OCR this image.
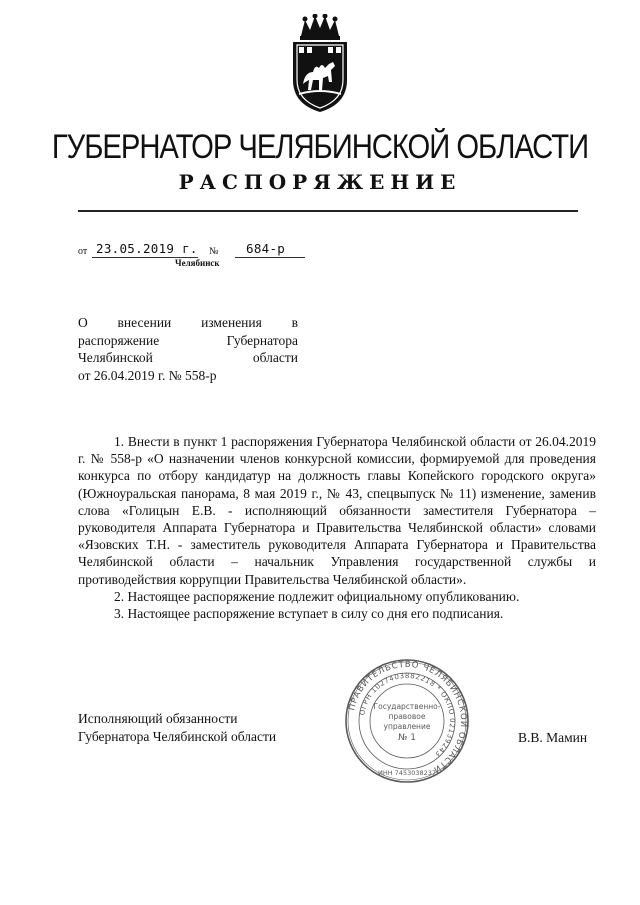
ГУБЕРНАТОР ЧЕЛЯБИНСКОЙ ОБЛАСТИ
РАСПОРЯЖЕНИЕ
от 23.05.2019 г. № 684-р
Челябинск
О внесении изменения в
распоряжение	Губернатора
Челябинской	области
от 26.04.2019 г. № 558-р

1. Внести в пункт 1 распоряжения Губернатора Челябинской области от 26.04.2019 г. № 558-р «О назначении членов конкурсной комиссии, формируемой для проведения конкурса по отбору кандидатур на должность главы Копейского городского округа» (Южноуральская панорама, 8 мая 2019 г., № 43, спецвыпуск № 11) изменение, заменив слова «Голицын Е.В. - исполняющий обязанности заместителя Губернатора – руководителя Аппарата Губернатора и Правительства Челябинской области» словами «Язовских Т.Н. - заместитель руководителя Аппарата Губернатора и Правительства Челябинской области – начальник Управления государственной службы и противодействия коррупции Правительства Челябинской области».

2. Настоящее распоряжение подлежит официальному опубликованию.

3. Настоящее распоряжение вступает в силу со дня его подписания.

Исполняющий обязанности
Губернатора Челябинской области	В.В. Мамин
ПРАВИТЕЛЬСТВО ЧЕЛЯБИНСКОЙ ОБЛАСТИ
ОГРН 1027403882218 * ОКПО 02139243
Государственно-
правовое
управление
№ 1
ИНН 7453038237
